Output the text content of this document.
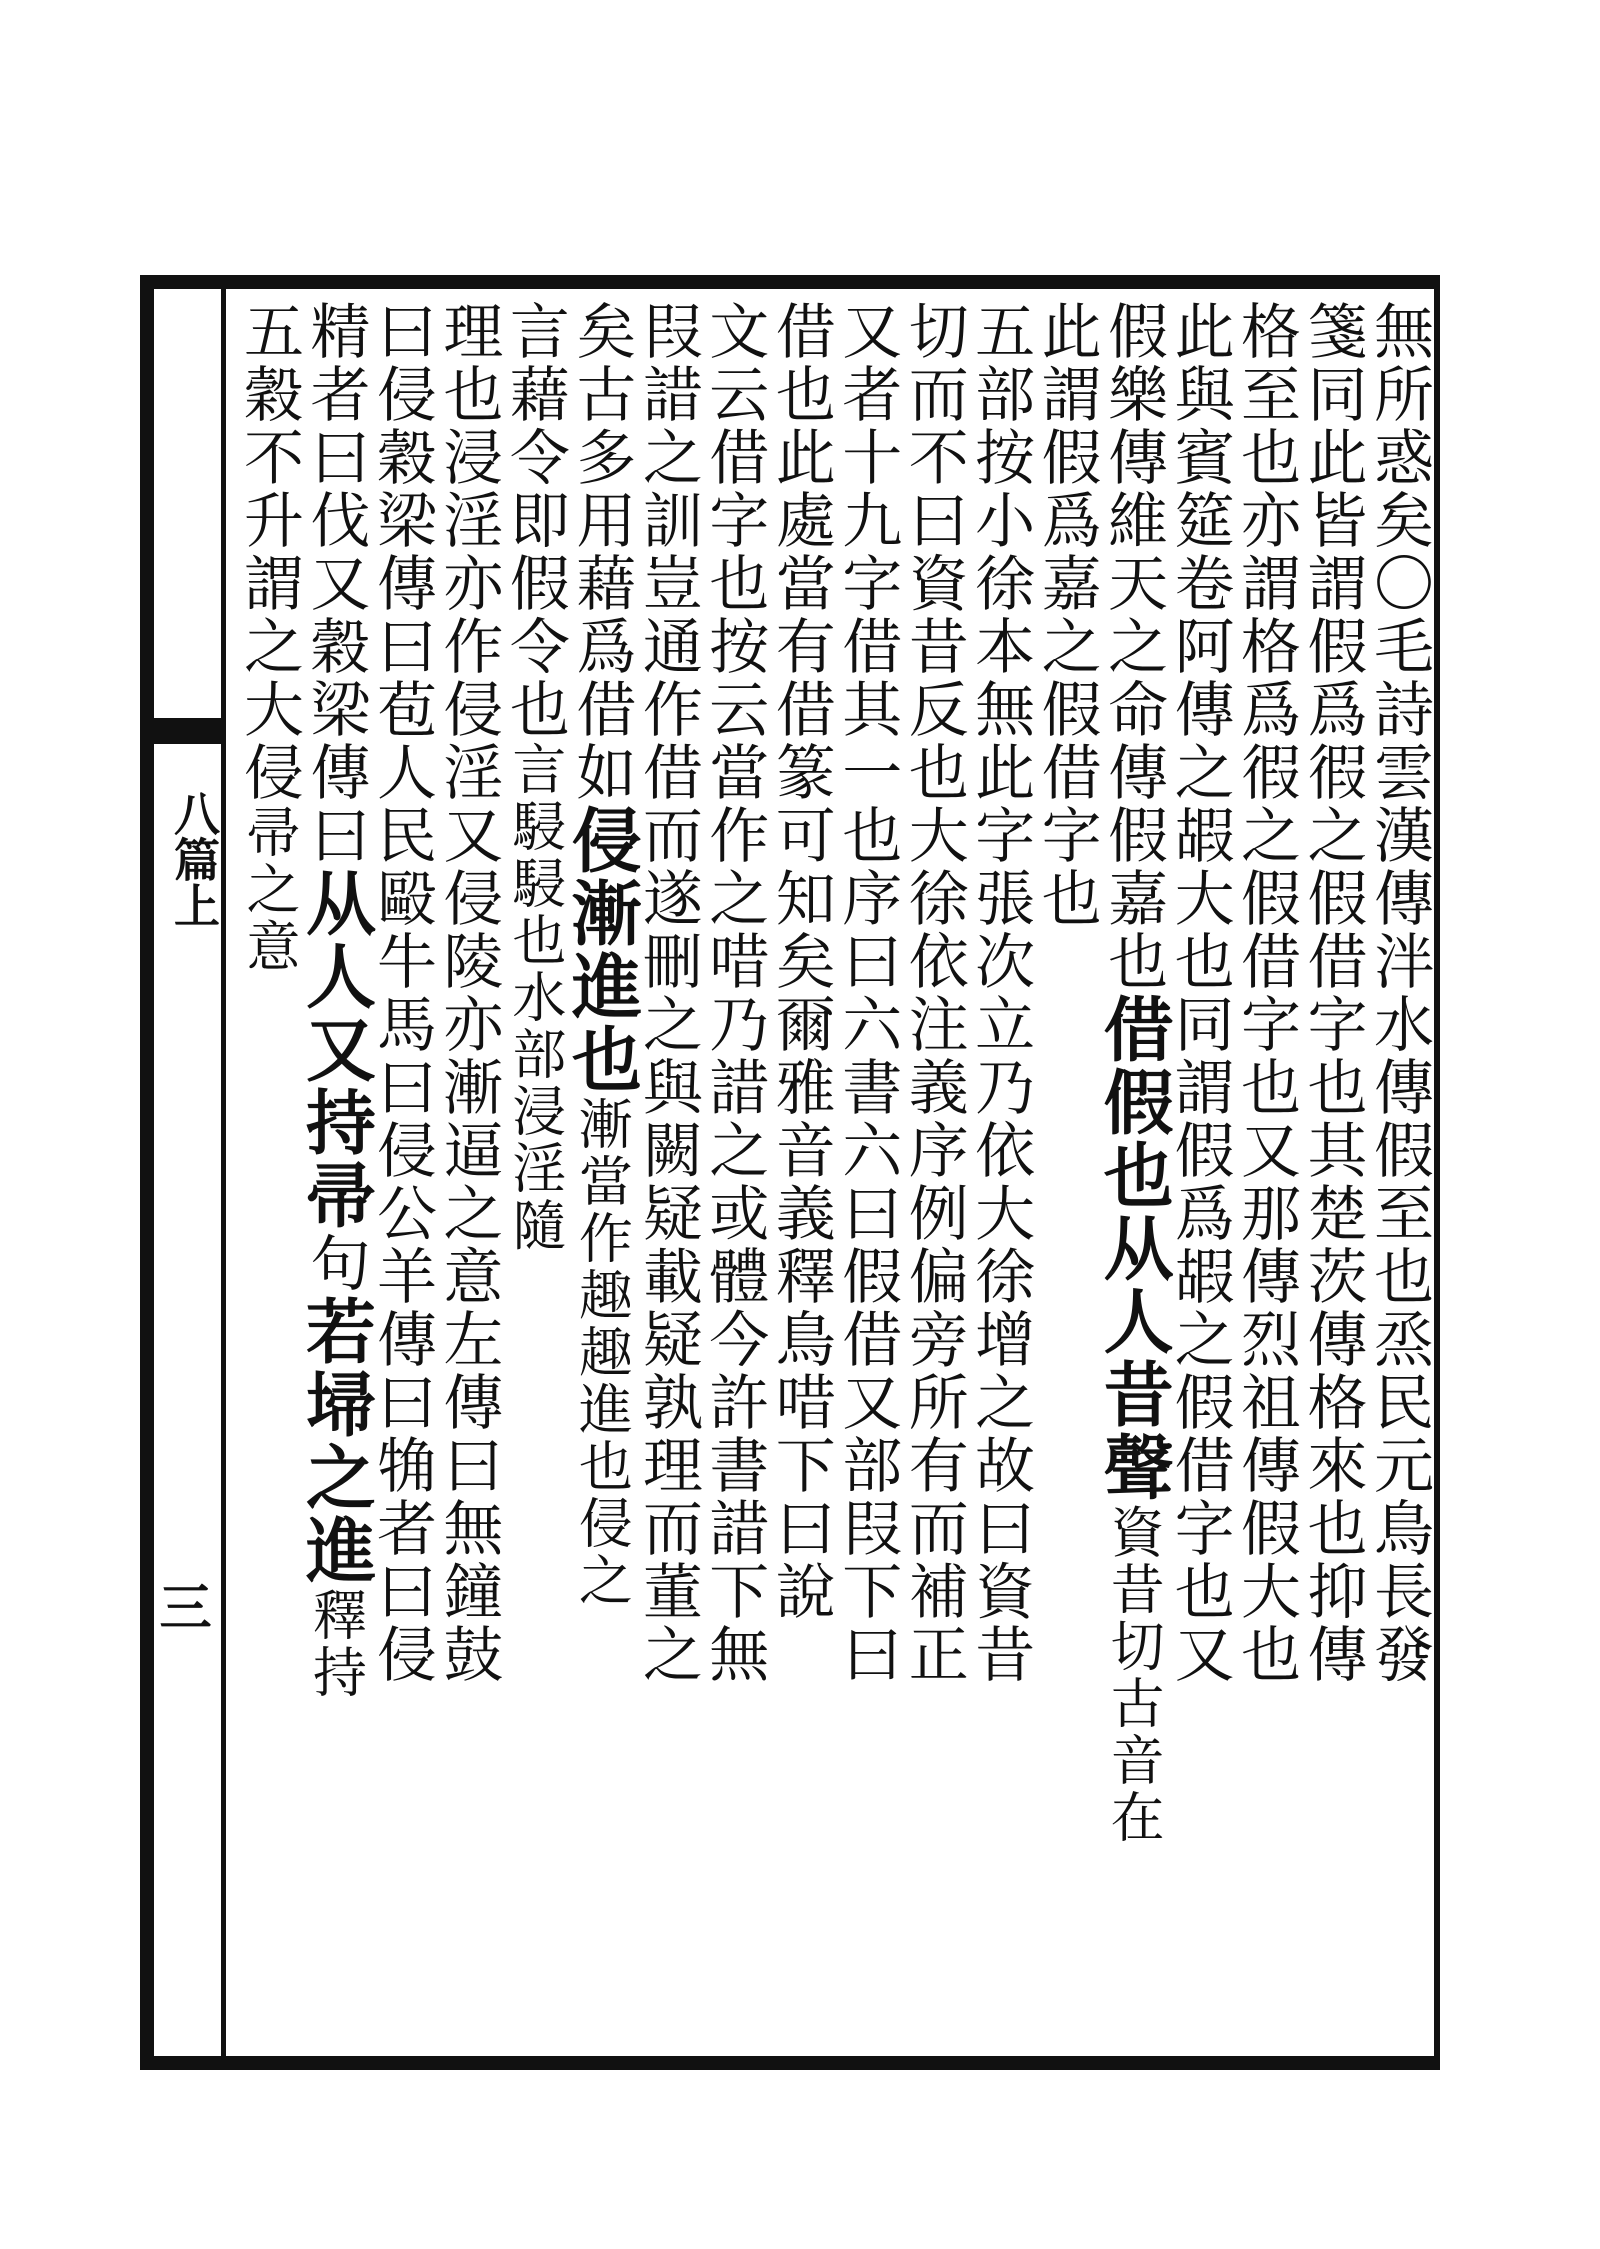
八篇上
三	無所惑矣〇毛詩雲漢傳泮水傳假至也烝民元鳥長發
箋同此皆謂假爲徦之假借字也其楚茨傳格來也抑傳
格至也亦謂格爲徦之假借字也又那傳烈祖傳假大也
此與賓筵卷阿傳之嘏大也同謂假爲嘏之假借字也又
假樂傳維天之命傳假嘉也借假也从人昔聲資昔切古音在
此謂假爲嘉之假借字也
五部按小徐本無此字張次立乃依大徐增之故曰資昔
切而不曰資昔反也大徐依注義序例偏旁所有而補正
又者十九字借其一也序曰六書六曰假借又部叚下曰
借也此處當有借篆可知矣爾雅音義釋鳥唶下曰說
文云借字也按云當作之唶乃諎之或體今許書諎下無
叚諎之訓豈通作借而遂刪之與闕疑載疑孰理而董之
矣古多用藉爲借如侵漸進也漸當作趣趣進也侵之
言藉令即假令也言駸駸也水部浸淫隨
理也浸淫亦作侵淫又侵陵亦漸逼之意左傳曰無鐘鼓
曰侵穀梁傳曰苞人民毆牛馬曰侵公羊傳曰觕者曰侵
精者曰伐又穀梁傳曰从人又持帚句若埽之進釋持
五穀不升謂之大侵帚之意
